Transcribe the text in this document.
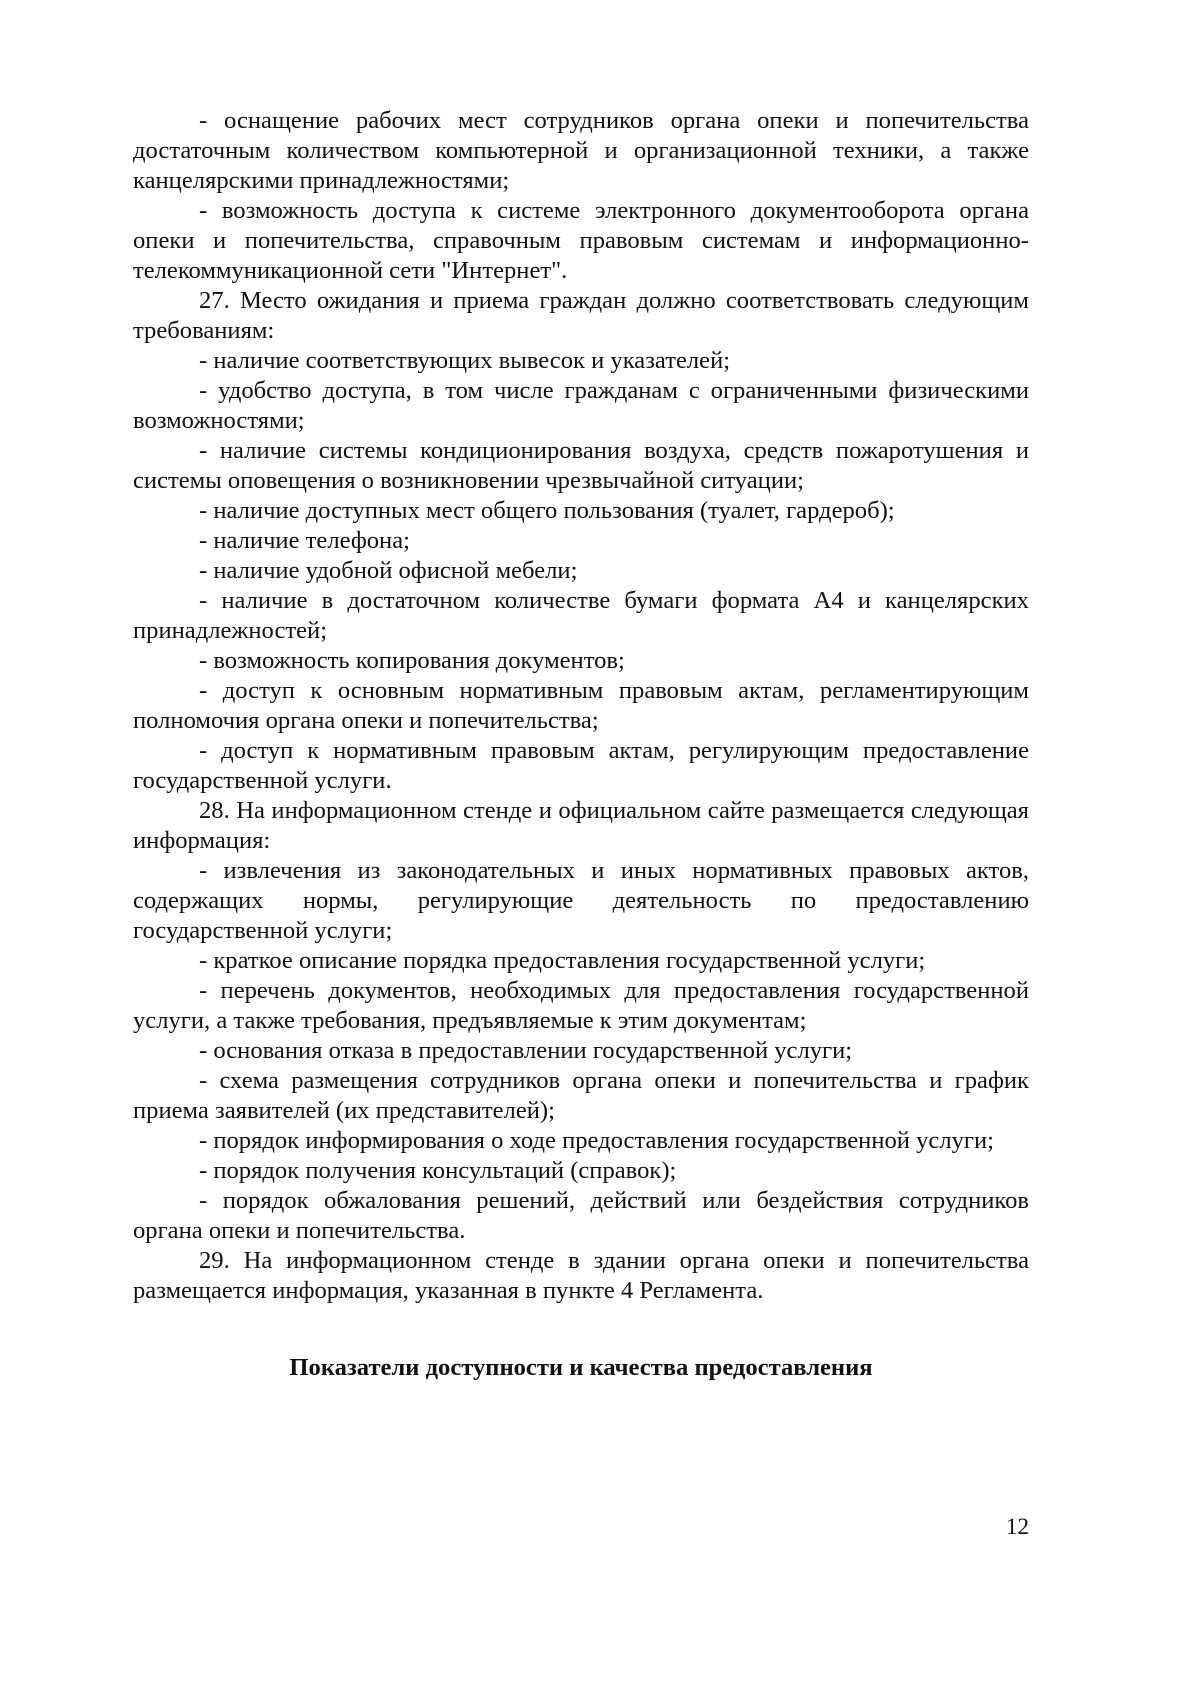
- оснащение рабочих мест сотрудников органа опеки и попечительства достаточным количеством компьютерной и организационной техники, а также канцелярскими принадлежностями;

- возможность доступа к системе электронного документооборота органа опеки и попечительства, справочным правовым системам и информационно-телекоммуникационной сети "Интернет".

27. Место ожидания и приема граждан должно соответствовать следующим требованиям:

- наличие соответствующих вывесок и указателей;

- удобство доступа, в том числе гражданам с ограниченными физическими возможностями;

- наличие системы кондиционирования воздуха, средств пожаротушения и системы оповещения о возникновении чрезвычайной ситуации;

- наличие доступных мест общего пользования (туалет, гардероб);

- наличие телефона;

- наличие удобной офисной мебели;

- наличие в достаточном количестве бумаги формата А4 и канцелярских принадлежностей;

- возможность копирования документов;

- доступ к основным нормативным правовым актам, регламентирующим полномочия органа опеки и попечительства;

- доступ к нормативным правовым актам, регулирующим предоставление государственной услуги.

28. На информационном стенде и официальном сайте размещается следующая информация:

- извлечения из законодательных и иных нормативных правовых актов, содержащих нормы, регулирующие деятельность по предоставлению государственной услуги;

- краткое описание порядка предоставления государственной услуги;

- перечень документов, необходимых для предоставления государственной услуги, а также требования, предъявляемые к этим документам;

- основания отказа в предоставлении государственной услуги;

- схема размещения сотрудников органа опеки и попечительства и график приема заявителей (их представителей);

- порядок информирования о ходе предоставления государственной услуги;

- порядок получения консультаций (справок);

- порядок обжалования решений, действий или бездействия сотрудников органа опеки и попечительства.

29. На информационном стенде в здании органа опеки и попечительства размещается информация, указанная в пункте 4 Регламента.

Показатели доступности и качества предоставления

12
